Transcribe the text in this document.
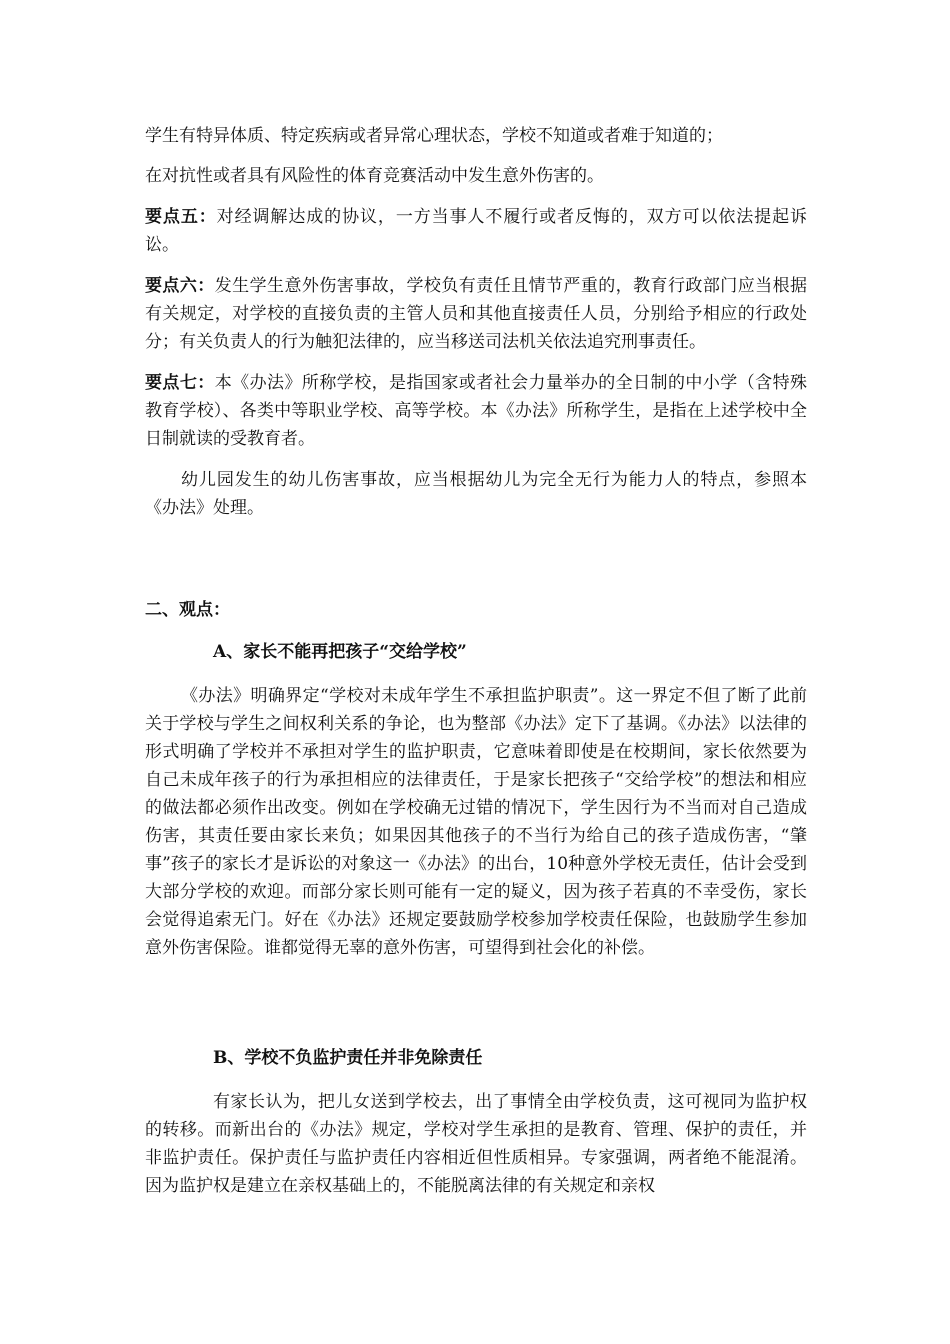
学生有特异体质、特定疾病或者异常心理状态，学校不知道或者难于知道的；

在对抗性或者具有风险性的体育竞赛活动中发生意外伤害的。

要点五：对经调解达成的协议，一方当事人不履行或者反悔的，双方可以依法提起诉讼。

要点六：发生学生意外伤害事故，学校负有责任且情节严重的，教育行政部门应当根据有关规定，对学校的直接负责的主管人员和其他直接责任人员，分别给予相应的行政处分；有关负责人的行为触犯法律的，应当移送司法机关依法追究刑事责任。

要点七：本《办法》所称学校，是指国家或者社会力量举办的全日制的中小学（含特殊教育学校）、各类中等职业学校、高等学校。本《办法》所称学生，是指在上述学校中全日制就读的受教育者。

幼儿园发生的幼儿伤害事故，应当根据幼儿为完全无行为能力人的特点，参照本《办法》处理。

二、观点：
A、家长不能再把孩子“交给学校”

《办法》明确界定“学校对未成年学生不承担监护职责”。这一界定不但了断了此前关于学校与学生之间权利关系的争论，也为整部《办法》定下了基调。《办法》以法律的形式明确了学校并不承担对学生的监护职责，它意味着即使是在校期间，家长依然要为自己未成年孩子的行为承担相应的法律责任，于是家长把孩子“交给学校”的想法和相应的做法都必须作出改变。例如在学校确无过错的情况下，学生因行为不当而对自己造成伤害，其责任要由家长来负；如果因其他孩子的不当行为给自己的孩子造成伤害，“肇事”孩子的家长才是诉讼的对象这一《办法》的出台，10种意外学校无责任，估计会受到大部分学校的欢迎。而部分家长则可能有一定的疑义，因为孩子若真的不幸受伤，家长会觉得追索无门。好在《办法》还规定要鼓励学校参加学校责任保险，也鼓励学生参加意外伤害保险。谁都觉得无辜的意外伤害，可望得到社会化的补偿。

B、学校不负监护责任并非免除责任

有家长认为，把儿女送到学校去，出了事情全由学校负责，这可视同为监护权的转移。而新出台的《办法》规定，学校对学生承担的是教育、管理、保护的责任，并非监护责任。保护责任与监护责任内容相近但性质相异。专家强调，两者绝不能混淆。因为监护权是建立在亲权基础上的，不能脱离法律的有关规定和亲权
